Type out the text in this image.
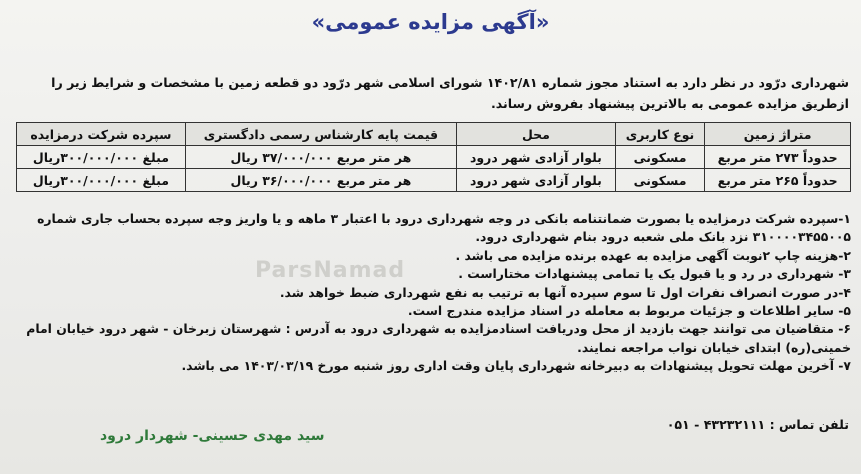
ParsNamad
«آگهی مزایده عمومی»
شهرداری درّود در نظر دارد به استناد مجوز شماره ۱۴۰۲/۸۱ شورای اسلامی شهر درّود دو قطعه زمین با مشخصات و شرایط زیر را ازطریق مزایده عمومی به بالاترین پیشنهاد بفروش رساند.
متراژ زمین	نوع کاربری	محل	قیمت پایه کارشناس رسمی دادگستری	سپرده شرکت درمزایده
حدوداً ۲۷۳ متر مربع	مسکونی	بلوار آزادی شهر درود	هر متر مربع ۳۷/۰۰۰/۰۰۰ ریال	مبلغ ۳۰۰/۰۰۰/۰۰۰ریال
حدوداً ۲۶۵ متر مربع	مسکونی	بلوار آزادی شهر درود	هر متر مربع ۳۶/۰۰۰/۰۰۰ ریال	مبلغ ۳۰۰/۰۰۰/۰۰۰ریال
۱-سپرده شرکت درمزایده یا بصورت ضمانتنامه بانکی در وجه شهرداری درود با اعتبار ۳ ماهه و یا واریز وجه سپرده بحساب جاری شماره ۳۱۰۰۰۰۳۴۵۵۰۰۵ نزد بانک ملی شعبه درود بنام شهرداری درود.
۲-هزینه چاپ ۲نوبت آگهی مزایده به عهده برنده مزایده می باشد .
۳- شهرداری در رد و یا قبول یک یا تمامی پیشنهادات مختاراست .
۴-در صورت انصراف نفرات اول تا سوم سپرده آنها به ترتیب به نفع شهرداری ضبط خواهد شد.
۵- سایر اطلاعات و جزئیات مربوط به معامله در اسناد مزایده مندرج است.
۶- متقاضیان می توانند جهت بازدید از محل ودریافت اسنادمزایده به شهرداری درود به آدرس : شهرستان زبرخان - شهر درود خیابان امام خمینی(ره) ابتدای خیابان نواب مراجعه نمایند.
۷- آخرین مهلت تحویل پیشنهادات به دبیرخانه شهرداری پایان وقت اداری روز شنبه مورخ ۱۴۰۳/۰۳/۱۹ می باشد.
تلفن تماس : ۴۳۲۳۲۱۱۱ - ۰۵۱
سید مهدی حسینی- شهردار درود
